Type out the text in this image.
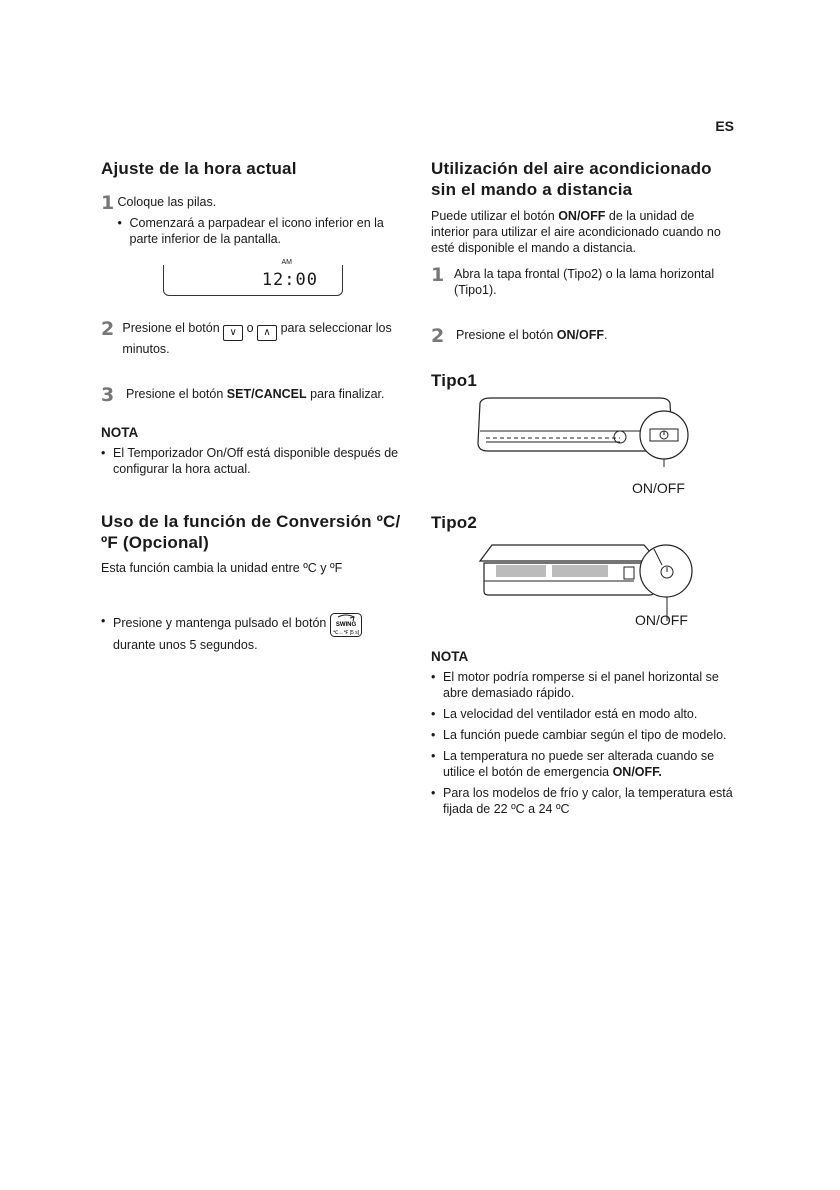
ES
Ajuste de la hora actual
1 Coloque las pilas.
• Comenzará a parpadear el icono inferior en la parte inferior de la pantalla.
AM
12:00
2 Presione el botón ∨ o ∧ para seleccionar los minutos.
3 Presione el botón SET/CANCEL para finalizar.
NOTA
• El Temporizador On/Off está disponible después de configurar la hora actual.
Uso de la función de Conversión ºC/
ºF (Opcional)
Esta función cambia la unidad entre ºC y ºF
• Presione y mantenga pulsado el botón SWING
℃↔℉ [5 s]

durante unos 5 segundos.
Utilización del aire acondicionado
sin el mando a distancia
Puede utilizar el botón ON/OFF de la unidad de interior para utilizar el aire acondicionado cuando no esté disponible el mando a distancia.
1 Abra la tapa frontal (Tipo2) o la lama horizontal (Tipo1).
2 Presione el botón ON/OFF.
Tipo1
ON/OFF
Tipo2
ON/OFF
NOTA
• El motor podría romperse si el panel horizontal se abre demasiado rápido.
• La velocidad del ventilador está en modo alto.
• La función puede cambiar según el tipo de modelo.
• La temperatura no puede ser alterada cuando se utilice el botón de emergencia ON/OFF.
• Para los modelos de frío y calor, la temperatura está fijada de 22 ºC a 24 ºC
